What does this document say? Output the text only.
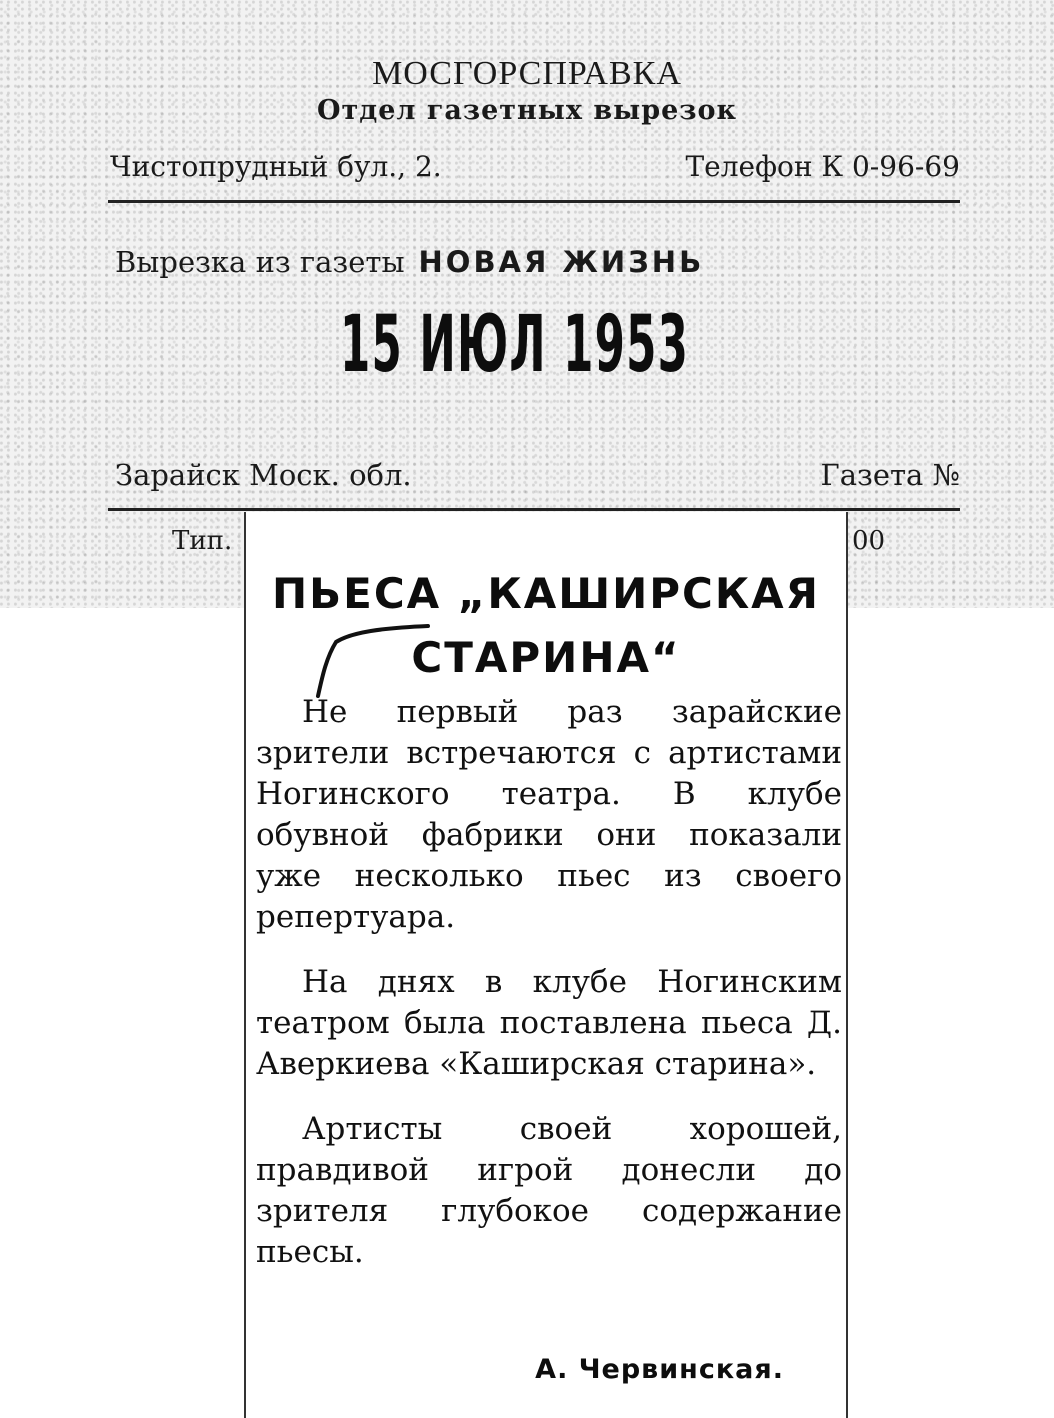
МОСГОРСПРАВКА
Отдел газетных вырезок
Чистопрудный бул., 2.	Телефон К 0-96-69
Вырезка из газеты НОВАЯ ЖИЗНЬ
15 ИЮЛ 1953
Зарайск Моск. обл.	Газета №
Тип.	00
ПЬЕСА „КАШИРСКАЯ
СТАРИНА“

Не первый раз зарайские зрители встречаются с артистами Ногинского театра. В клубе обувной фабрики они показали уже несколько пьес из своего репертуара.

На днях в клубе Ногинским театром была поставлена пьеса Д. Аверкиева «Каширская старина».

Артисты своей хорошей, правдивой игрой донесли до зрителя глубокое содержание пьесы.

А. Червинская.
